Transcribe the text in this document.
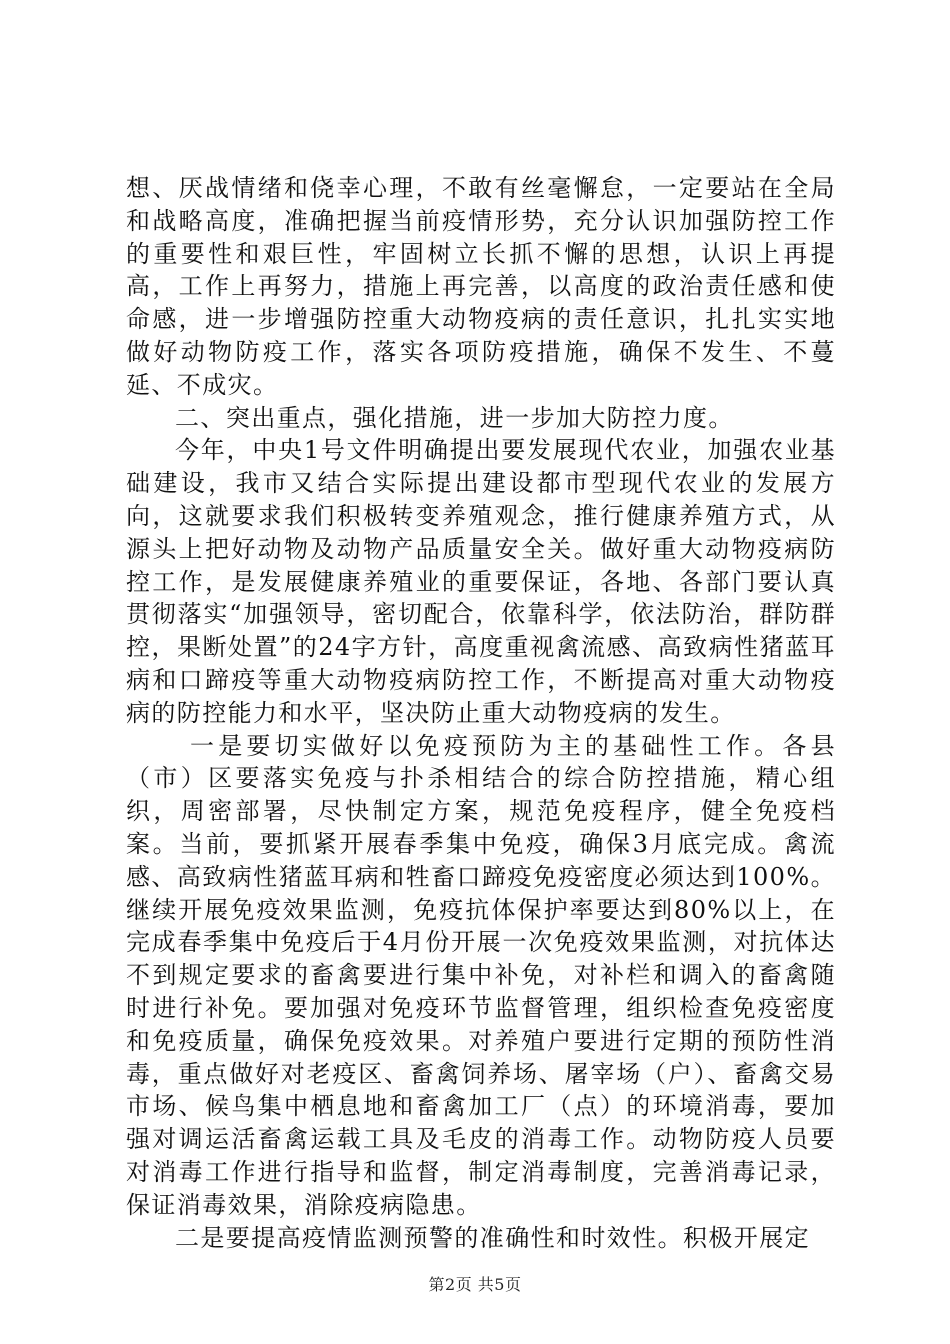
想、厌战情绪和侥幸心理，不敢有丝毫懈怠，一定要站在全局和战略高度，准确把握当前疫情形势，充分认识加强防控工作的重要性和艰巨性，牢固树立长抓不懈的思想，认识上再提高，工作上再努力，措施上再完善，以高度的政治责任感和使命感，进一步增强防控重大动物疫病的责任意识，扎扎实实地做好动物防疫工作，落实各项防疫措施，确保不发生、不蔓延、不成灾。

二、突出重点，强化措施，进一步加大防控力度。

今年，中央1号文件明确提出要发展现代农业，加强农业基础建设，我市又结合实际提出建设都市型现代农业的发展方向，这就要求我们积极转变养殖观念，推行健康养殖方式，从源头上把好动物及动物产品质量安全关。做好重大动物疫病防控工作，是发展健康养殖业的重要保证，各地、各部门要认真贯彻落实“加强领导，密切配合，依靠科学，依法防治，群防群控，果断处置”的24字方针，高度重视禽流感、高致病性猪蓝耳病和口蹄疫等重大动物疫病防控工作，不断提高对重大动物疫病的防控能力和水平，坚决防止重大动物疫病的发生。

一是要切实做好以免疫预防为主的基础性工作。各县（市）区要落实免疫与扑杀相结合的综合防控措施，精心组织，周密部署，尽快制定方案，规范免疫程序，健全免疫档案。当前，要抓紧开展春季集中免疫，确保3月底完成。禽流感、高致病性猪蓝耳病和牲畜口蹄疫免疫密度必须达到100%。继续开展免疫效果监测，免疫抗体保护率要达到80%以上，在完成春季集中免疫后于4月份开展一次免疫效果监测，对抗体达不到规定要求的畜禽要进行集中补免，对补栏和调入的畜禽随时进行补免。要加强对免疫环节监督管理，组织检查免疫密度和免疫质量，确保免疫效果。对养殖户要进行定期的预防性消毒，重点做好对老疫区、畜禽饲养场、屠宰场（户）、畜禽交易市场、候鸟集中栖息地和畜禽加工厂（点）的环境消毒，要加强对调运活畜禽运载工具及毛皮的消毒工作。动物防疫人员要对消毒工作进行指导和监督，制定消毒制度，完善消毒记录，保证消毒效果，消除疫病隐患。

二是要提高疫情监测预警的准确性和时效性。积极开展定

第2页 共5页
